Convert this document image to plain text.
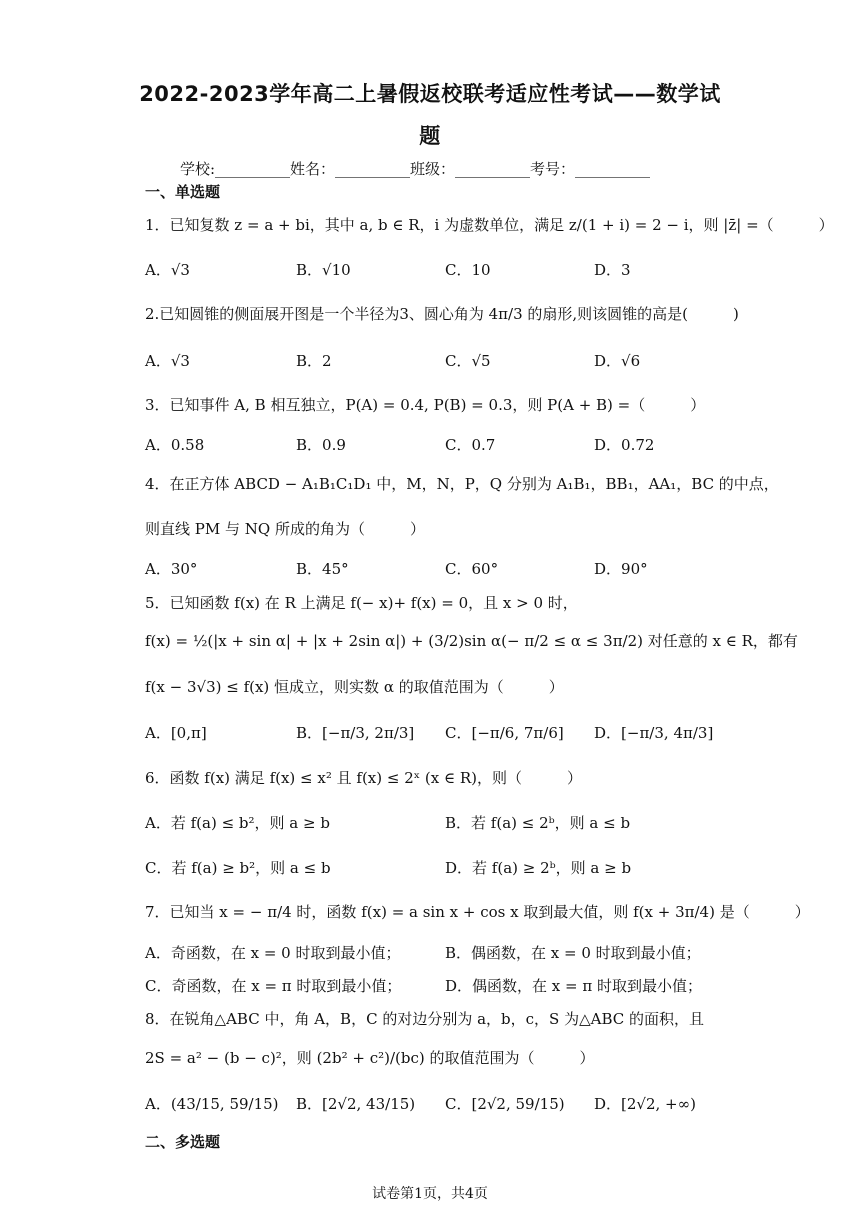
2022-2023学年高二上暑假返校联考适应性考试——数学试
题
学校:__________姓名：__________班级：__________考号：__________
一、单选题
1．已知复数 z = a + bi，其中 a, b ∈ R，i 为虚数单位，满足 z/(1 + i) = 2 − i，则 |z̄| =（　　　）
A．√3	B．√10	C．10	D．3
2.已知圆锥的侧面展开图是一个半径为3、圆心角为 4π/3 的扇形,则该圆锥的高是(　　　)
A．√3	B．2	C．√5	D．√6
3．已知事件 A, B 相互独立，P(A) = 0.4, P(B) = 0.3，则 P(A + B) =（　　　）
A．0.58	B．0.9	C．0.7	D．0.72
4．在正方体 ABCD − A₁B₁C₁D₁ 中，M，N，P，Q 分别为 A₁B₁，BB₁，AA₁，BC 的中点，
则直线 PM 与 NQ 所成的角为（　　　）
A．30°	B．45°	C．60°	D．90°
5．已知函数 f(x) 在 R 上满足 f(− x)+ f(x) = 0，且 x > 0 时，
f(x) = ½(|x + sin α| + |x + 2sin α|) + (3/2)sin α(− π/2 ≤ α ≤ 3π/2) 对任意的 x ∈ R，都有
f(x − 3√3) ≤ f(x) 恒成立，则实数 α 的取值范围为（　　　）
A．[0,π]	B．[−π/3, 2π/3] C．[−π/6, 7π/6] D．[−π/3, 4π/3]
6．函数 f(x) 满足 f(x) ≤ x² 且 f(x) ≤ 2ˣ (x ∈ R)，则（　　　）
A．若 f(a) ≤ b²，则 a ≥ b	B．若 f(a) ≤ 2ᵇ，则 a ≤ b
C．若 f(a) ≥ b²，则 a ≤ b	D．若 f(a) ≥ 2ᵇ，则 a ≥ b
7．已知当 x = − π/4 时，函数 f(x) = a sin x + cos x 取到最大值，则 f(x + 3π/4) 是（　　　）
A．奇函数，在 x = 0 时取到最小值；	B．偶函数，在 x = 0 时取到最小值；
C．奇函数，在 x = π 时取到最小值；	D．偶函数，在 x = π 时取到最小值；
8．在锐角△ABC 中，角 A，B，C 的对边分别为 a，b，c，S 为△ABC 的面积，且
2S = a² − (b − c)²，则 (2b² + c²)/(bc) 的取值范围为（　　　）
A．(43/15, 59/15) B．[2√2, 43/15) C．[2√2, 59/15) D．[2√2, +∞)
二、多选题
试卷第1页，共4页
